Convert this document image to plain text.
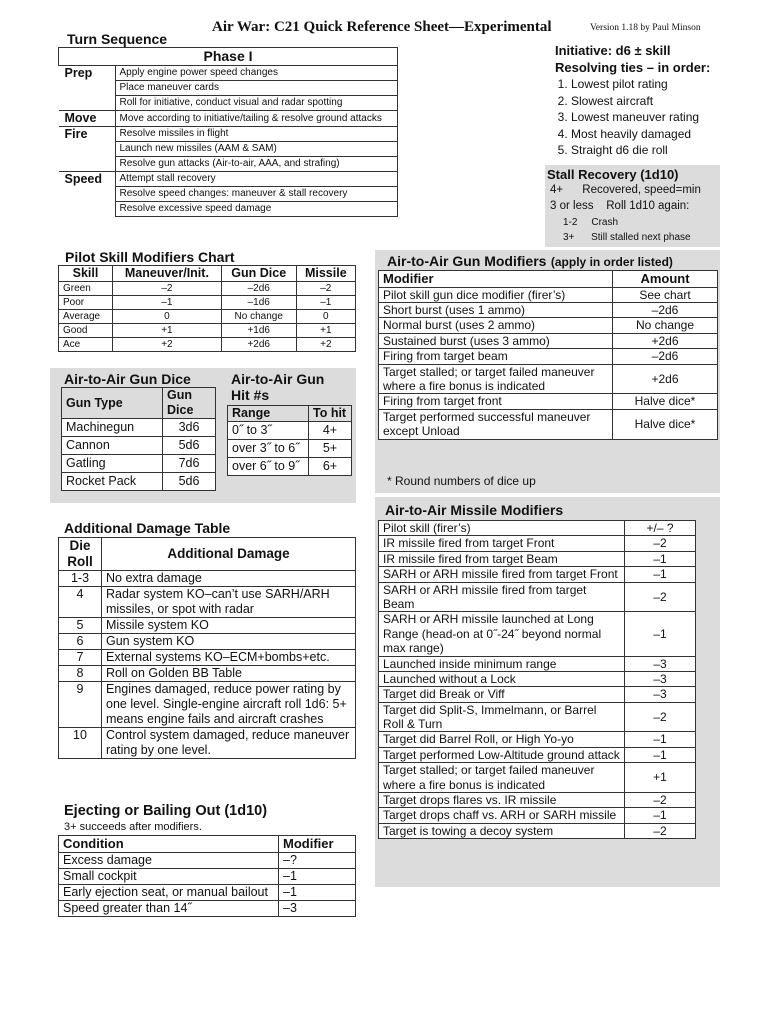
Air War: C21 Quick Reference Sheet—Experimental	Version 1.18 by Paul Minson
Turn Sequence
Phase I	
Prep	Apply engine power speed changes
	Place maneuver cards
	Roll for initiative, conduct visual and radar spotting
Move	Move according to initiative/tailing & resolve ground attacks
Fire	Resolve missiles in flight
	Launch new missiles (AAM & SAM)
	Resolve gun attacks (Air-to-air, AAA, and strafing)
Speed	Attempt stall recovery
	Resolve speed changes: maneuver & stall recovery
	Resolve excessive speed damage
Initiative: d6 ± skill
Resolving ties – in order:
1. Lowest pilot rating
2. Slowest aircraft
3. Lowest maneuver rating
4. Most heavily damaged
5. Straight d6 die roll
Stall Recovery (1d10)
4+ Recovered, speed=min
3 or less Roll 1d10 again:
1-2 Crash
3+ Still stalled next phase
Pilot Skill Modifiers Chart
Skill	Maneuver/Init.	Gun Dice	Missile
Green	–2	–2d6	–2
Poor	–1	–1d6	–1
Average	0	No change	0
Good	+1	+1d6	+1
Ace	+2	+2d6	+2
Air-to-Air Gun Dice
Gun Type	Gun Dice
Machinegun	3d6
Cannon	5d6
Gatling	7d6
Rocket Pack	5d6
Air-to-Air Gun Hit #s
Range	To hit
0˝ to 3˝	4+
over 3˝ to 6˝	5+
over 6˝ to 9˝	6+
Air-to-Air Gun Modifiers (apply in order listed)
Modifier	Amount
Pilot skill gun dice modifier (firer’s)	See chart
Short burst (uses 1 ammo)	–2d6
Normal burst (uses 2 ammo)	No change
Sustained burst (uses 3 ammo)	+2d6
Firing from target beam	–2d6
Target stalled; or target failed maneuver where a fire bonus is indicated	+2d6
Firing from target front	Halve dice*
Target performed successful maneuver except Unload	Halve dice*
* Round numbers of dice up
Air-to-Air Missile Modifiers
Pilot skill (firer’s)	+/– ?
IR missile fired from target Front	–2
IR missile fired from target Beam	–1
SARH or ARH missile fired from target Front	–1
SARH or ARH missile fired from target Beam	–2
SARH or ARH missile launched at Long Range (head-on at 0˝-24˝ beyond normal max range)	–1
Launched inside minimum range	–3
Launched without a Lock	–3
Target did Break or Viff	–3
Target did Split-S, Immelmann, or Barrel Roll & Turn	–2
Target did Barrel Roll, or High Yo-yo	–1
Target performed Low-Altitude ground attack	–1
Target stalled; or target failed maneuver where a fire bonus is indicated	+1
Target drops flares vs. IR missile	–2
Target drops chaff vs. ARH or SARH missile	–1
Target is towing a decoy system	–2
Additional Damage Table
Die Roll	Additional Damage
1-3	No extra damage
4	Radar system KO–can’t use SARH/ARH missiles, or spot with radar
5	Missile system KO
6	Gun system KO
7	External systems KO–ECM+bombs+etc.
8	Roll on Golden BB Table
9	Engines damaged, reduce power rating by one level. Single-engine aircraft roll 1d6: 5+ means engine fails and aircraft crashes
10	Control system damaged, reduce maneuver rating by one level.
Ejecting or Bailing Out (1d10)
3+ succeeds after modifiers.
Condition	Modifier
Excess damage	–?
Small cockpit	–1
Early ejection seat, or manual bailout	–1
Speed greater than 14˝	–3
